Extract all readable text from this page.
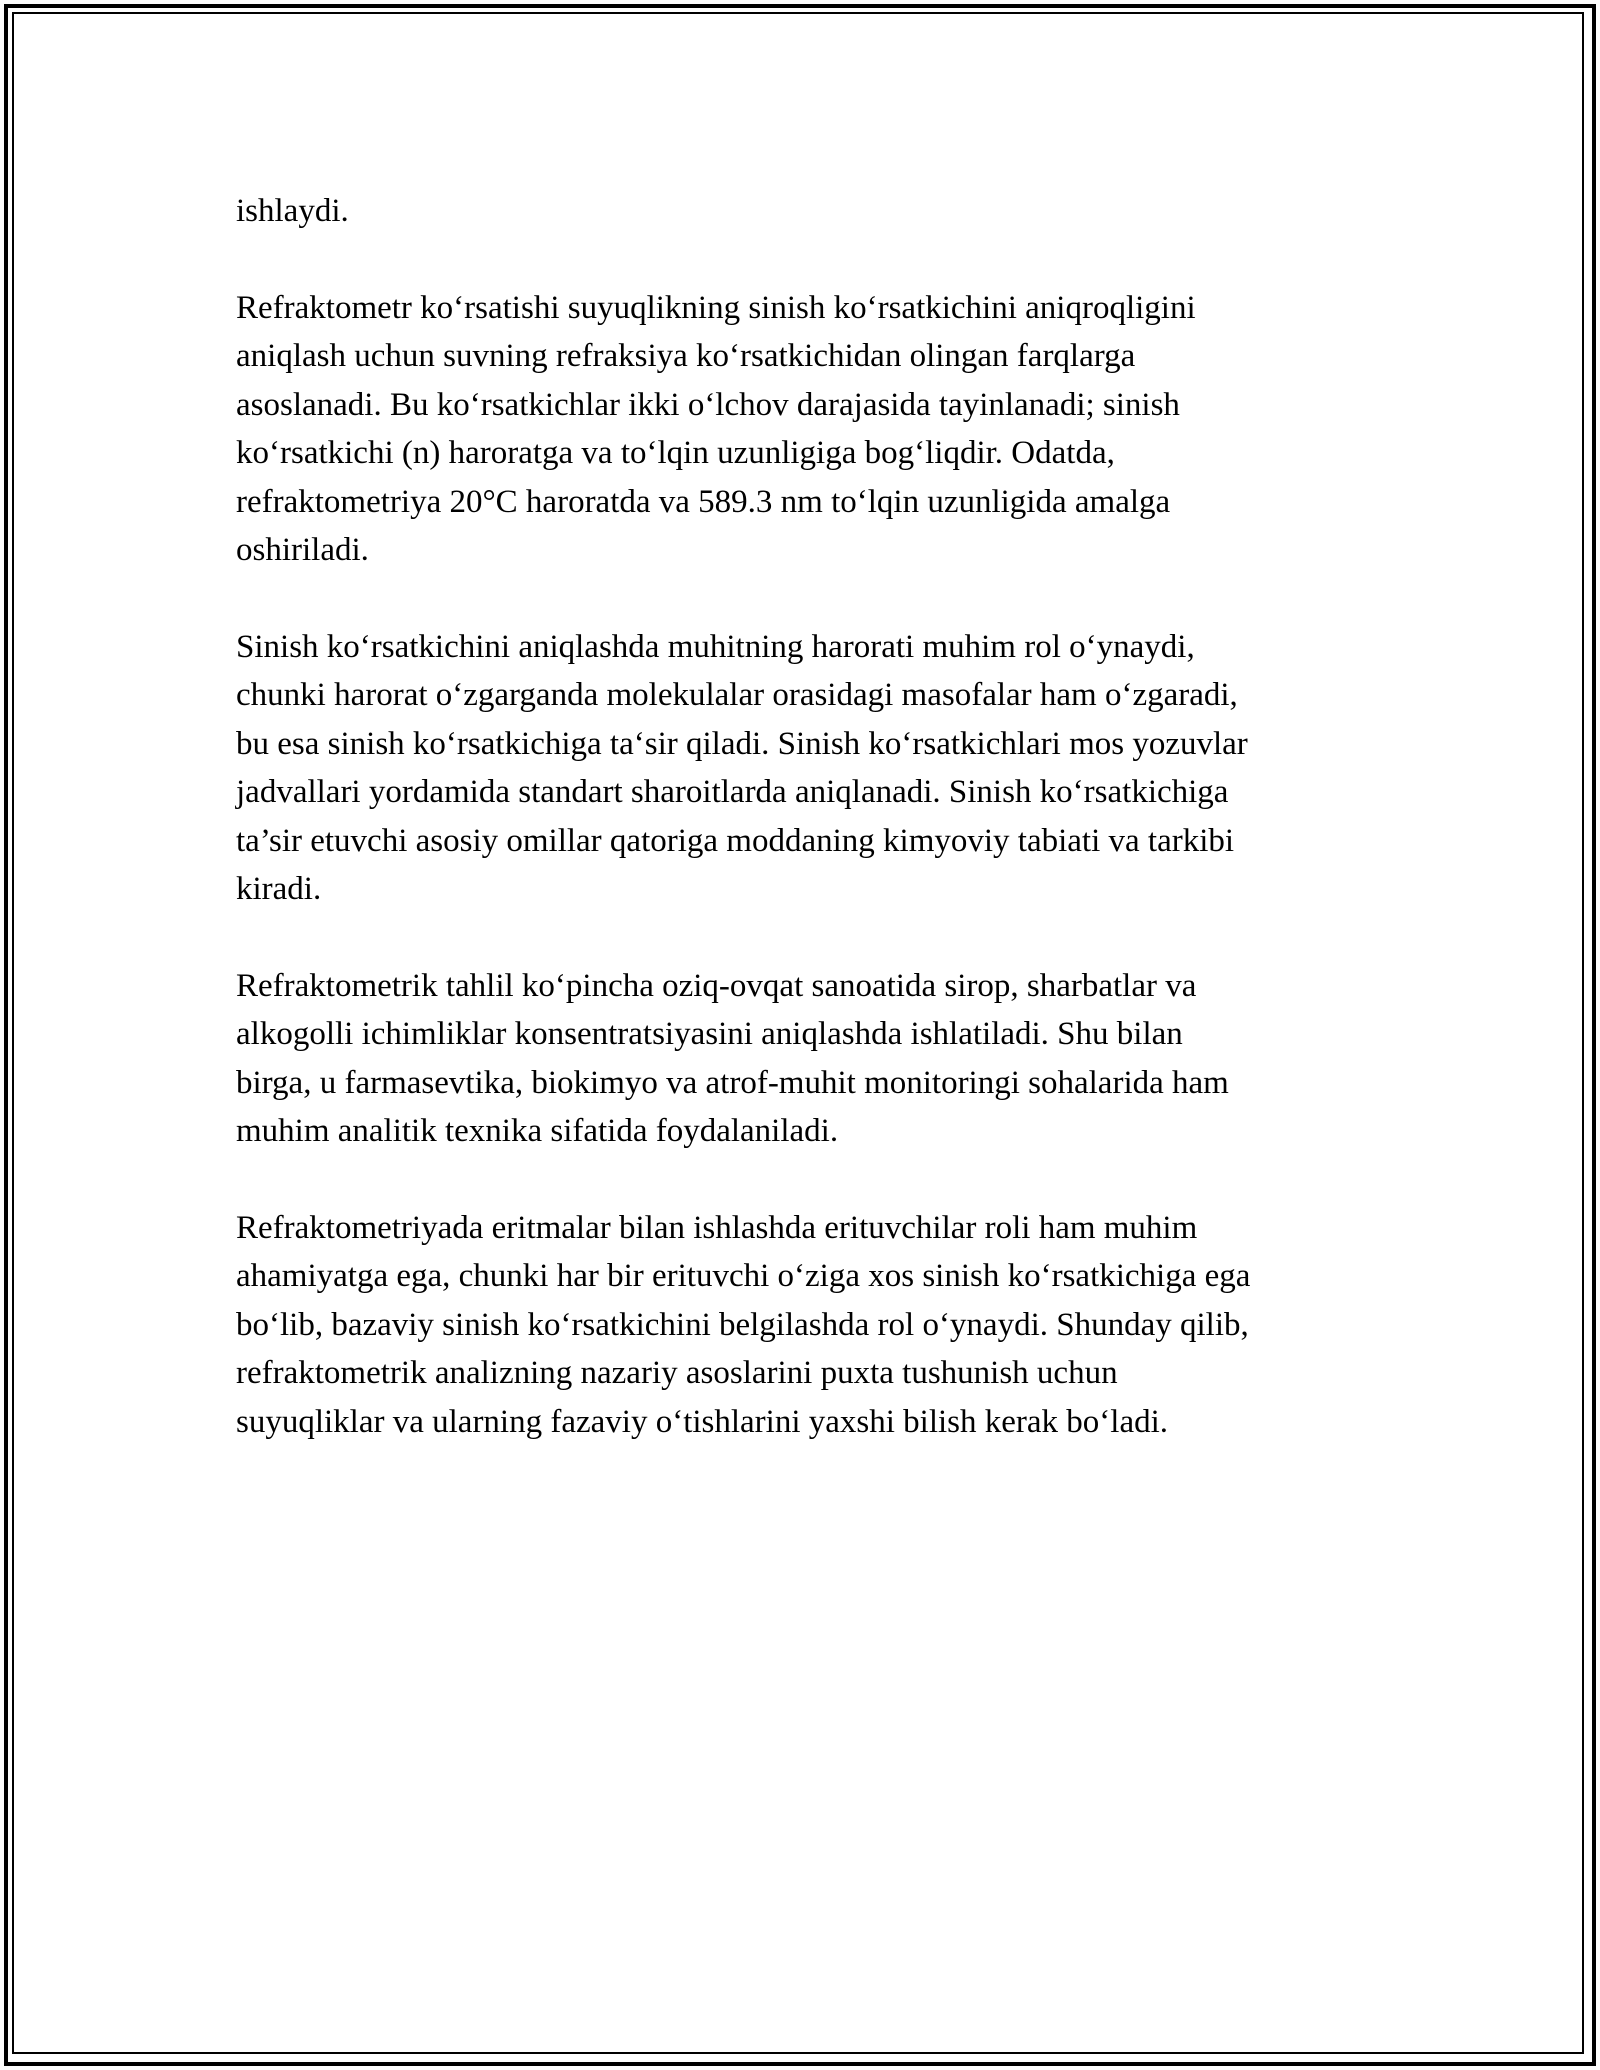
ishlaydi.

Refraktometr ko‘rsatishi suyuqlikning sinish ko‘rsatkichini aniqroqligini
aniqlash uchun suvning refraksiya ko‘rsatkichidan olingan farqlarga
asoslanadi. Bu ko‘rsatkichlar ikki o‘lchov darajasida tayinlanadi; sinish
ko‘rsatkichi (n) haroratga va to‘lqin uzunligiga bog‘liqdir. Odatda,
refraktometriya 20°C haroratda va 589.3 nm to‘lqin uzunligida amalga
oshiriladi.

Sinish ko‘rsatkichini aniqlashda muhitning harorati muhim rol o‘ynaydi,
chunki harorat o‘zgarganda molekulalar orasidagi masofalar ham o‘zgaradi,
bu esa sinish ko‘rsatkichiga ta‘sir qiladi. Sinish ko‘rsatkichlari mos yozuvlar
jadvallari yordamida standart sharoitlarda aniqlanadi. Sinish ko‘rsatkichiga
ta’sir etuvchi asosiy omillar qatoriga moddaning kimyoviy tabiati va tarkibi
kiradi.

Refraktometrik tahlil ko‘pincha oziq-ovqat sanoatida sirop, sharbatlar va
alkogolli ichimliklar konsentratsiyasini aniqlashda ishlatiladi. Shu bilan
birga, u farmasevtika, biokimyo va atrof-muhit monitoringi sohalarida ham
muhim analitik texnika sifatida foydalaniladi.

Refraktometriyada eritmalar bilan ishlashda erituvchilar roli ham muhim
ahamiyatga ega, chunki har bir erituvchi o‘ziga xos sinish ko‘rsatkichiga ega
bo‘lib, bazaviy sinish ko‘rsatkichini belgilashda rol o‘ynaydi. Shunday qilib,
refraktometrik analizning nazariy asoslarini puxta tushunish uchun
suyuqliklar va ularning fazaviy o‘tishlarini yaxshi bilish kerak bo‘ladi.
